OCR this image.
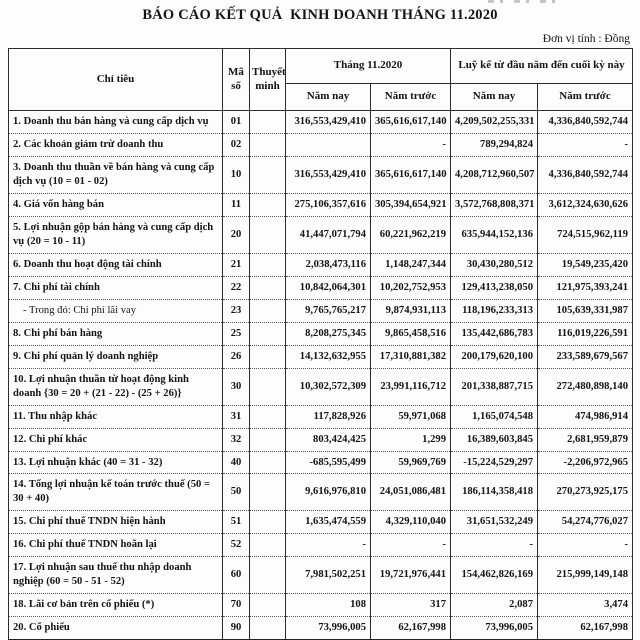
BÁO CÁO KẾT QUẢ  KINH DOANH THÁNG 11.2020
Đơn vị tính : Đồng
Chỉ tiêu	Mã số	Thuyết minh	Tháng 11.2020		Luỹ kế từ đầu năm đến cuối kỳ này	
			Năm nay	Năm trước	Năm nay	Năm trước
1. Doanh thu bán hàng và cung cấp dịch vụ	01		316,553,429,410	365,616,617,140	4,209,502,255,331	4,336,840,592,744
2. Các khoản giảm trừ doanh thu	02			-	789,294,824	-
3. Doanh thu thuần về bán hàng và cung cấp dịch vụ (10 = 01 - 02)	10		316,553,429,410	365,616,617,140	4,208,712,960,507	4,336,840,592,744
4. Giá vốn hàng bán	11		275,106,357,616	305,394,654,921	3,572,768,808,371	3,612,324,630,626
5. Lợi nhuận gộp bán hàng và cung cấp dịch vụ (20 = 10 - 11)	20		41,447,071,794	60,221,962,219	635,944,152,136	724,515,962,119
6. Doanh thu hoạt động tài chính	21		2,038,473,116	1,148,247,344	30,430,280,512	19,549,235,420
7. Chi phí tài chính	22		10,842,064,301	10,202,752,953	129,413,238,050	121,975,393,241
- Trong đó: Chi phí lãi vay	23		9,765,765,217	9,874,931,113	118,196,233,313	105,639,331,987
8. Chi phí bán hàng	25		8,208,275,345	9,865,458,516	135,442,686,783	116,019,226,591
9. Chi phí quản lý doanh nghiệp	26		14,132,632,955	17,310,881,382	200,179,620,100	233,589,679,567
10. Lợi nhuận thuần từ hoạt động kinh doanh {30 = 20 + (21 - 22) - (25 + 26)}	30		10,302,572,309	23,991,116,712	201,338,887,715	272,480,898,140
11. Thu nhập khác	31		117,828,926	59,971,068	1,165,074,548	474,986,914
12. Chi phí khác	32		803,424,425	1,299	16,389,603,845	2,681,959,879
13. Lợi nhuận khác (40 = 31 - 32)	40		-685,595,499	59,969,769	-15,224,529,297	-2,206,972,965
14. Tổng lợi nhuận kế toán trước thuế (50 = 30 + 40)	50		9,616,976,810	24,051,086,481	186,114,358,418	270,273,925,175
15. Chi phí thuế TNDN hiện hành	51		1,635,474,559	4,329,110,040	31,651,532,249	54,274,776,027
16. Chi phí thuế TNDN hoãn lại	52		-	-	-	-
17. Lợi nhuận sau thuế thu nhập doanh nghiệp (60 = 50 - 51 - 52)	60		7,981,502,251	19,721,976,441	154,462,826,169	215,999,149,148
18. Lãi cơ bản trên cổ phiếu (*)	70		108	317	2,087	3,474
20. Cổ phiếu	90		73,996,005	62,167,998	73,996,005	62,167,998
